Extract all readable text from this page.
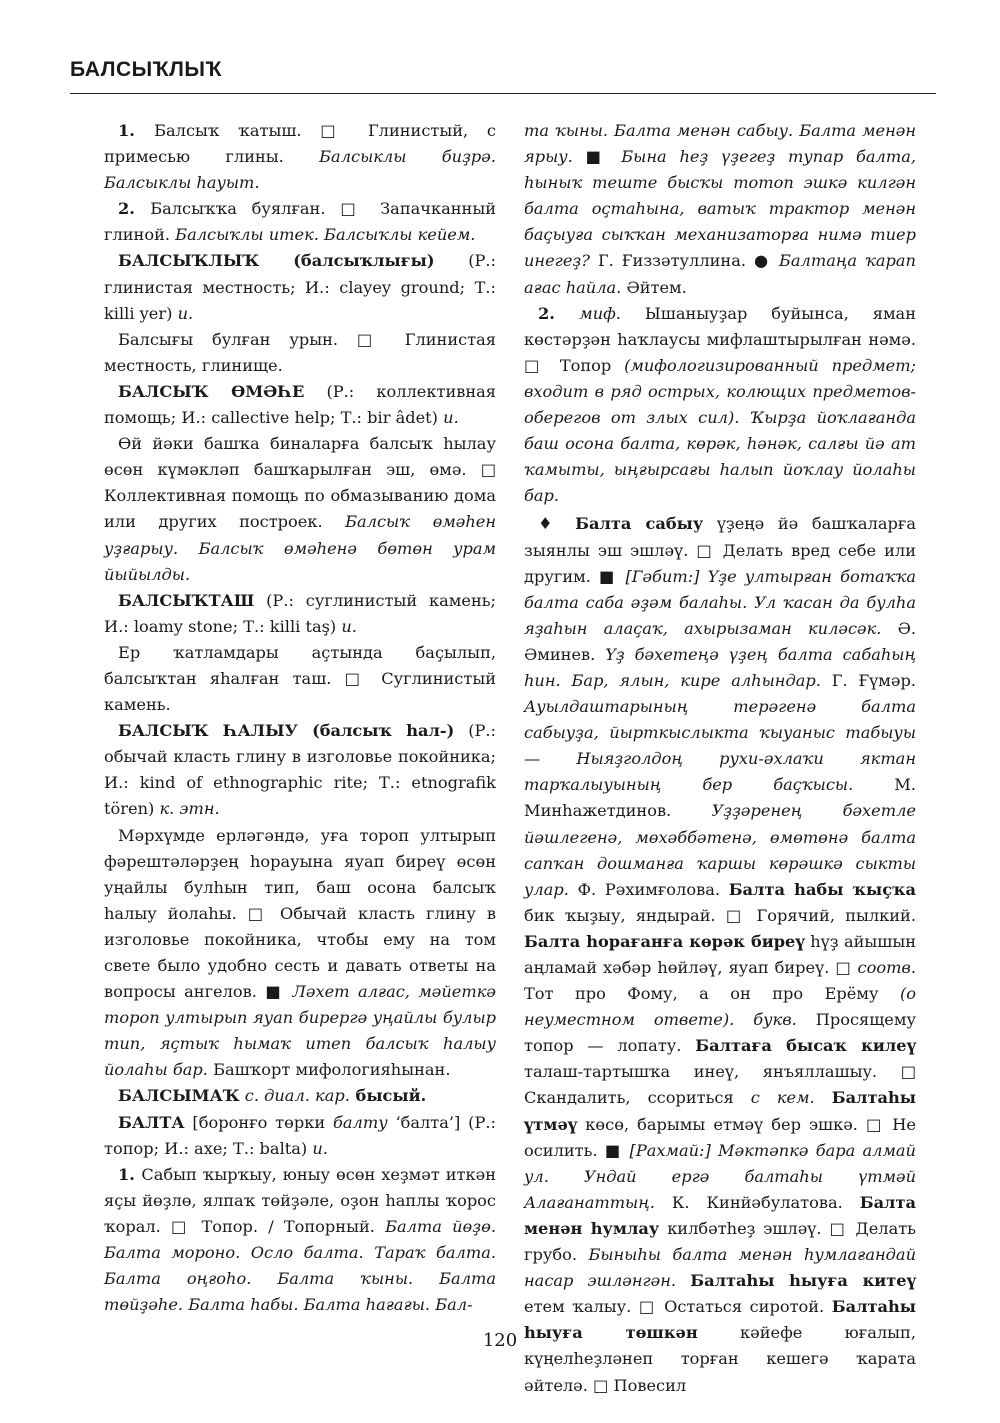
БАЛСЫҠЛЫҠ

1. Балсыҡ ҡатыш. □ Глинистый, с примесью глины. Балсыклы биҙрә. Балсыклы һауыт.

2. Балсыҡҡа буялған. □ Запачканный глиной. Балсыҡлы итек. Балсыҡлы кейем.

БАЛСЫҠЛЫҠ (балсыҡлығы) (Р.: глинистая местность; И.: clayey ground; Т.: killi yer) и.

Балсығы булған урын. □ Глинистая местность, глинище.

БАЛСЫҠ ӨМӘҺЕ (Р.: коллективная помощь; И.: callective help; Т.: bir âdet) и.

Өй йәки башҡа биналарға балсыҡ һылау өсөн күмәкләп башҡарылған эш, өмә. □ Коллективная помощь по обмазыванию дома или других построек. Балсыҡ өмәһен уҙғарыу. Балсыҡ өмәһенә бөтөн урам йыйылды.

БАЛСЫҠТАШ (Р.: суглинистый камень; И.: loamy stone; Т.: killi taş) и.

Ер ҡатламдары аҫтында баҫылып, балсыҡтан яһалған таш. □ Суглинистый камень.

БАЛСЫҠ ҺАЛЫУ (балсыҡ һал-) (Р.: обычай класть глину в изголовье покойника; И.: kind of ethnographic rite; Т.: etnografik tören) к. этн.

Мәрхүмде ерләгәндә, уға тороп ултырып фәрештәләрҙең һорауына яуап биреү өсөн уңайлы булһын тип, баш осона балсыҡ һалыу йолаһы. □ Обычай класть глину в изголовье покойника, чтобы ему на том свете было удобно сесть и давать ответы на вопросы ангелов. ■ Ләхет алғас, мәйеткә тороп ултырып яуап бирергә уңайлы булыр тип, яҫтыҡ һымаҡ итеп балсыҡ һалыу йолаһы бар. Башҡорт мифологияһынан.

БАЛСЫМАҠ с. диал. кар. бысый.

БАЛТА [боронғо төрки балту ‘балта’] (Р.: топор; И.: axe; Т.: balta) и.

1. Сабып ҡырҡыу, юныу өсөн хеҙмәт иткән яҫы йөҙлө, ялпаҡ төйҙәле, оҙон һаплы ҡорос ҡорал. □ Топор. / Топорный. Балта йөҙө. Балта мороно. Осло балта. Тараҡ балта. Балта оңғоһо. Балта ҡыны. Балта төйҙәһе. Балта һабы. Балта һағағы. Бал-

та ҡыны. Балта менән сабыу. Балта менән ярыу. ■ Бына һеҙ үҙегеҙ тупар балта, һыныҡ теште бысҡы тотоп эшкә килгән балта оҫтаһына, ватыҡ трактор менән баҫыуға сыҡҡан механизаторға нимә тиер инегеҙ? Г. Ғиззәтуллина. ● Балтаңа ҡарап ағас һайла. Әйтем.

2. миф. Ышаныуҙар буйынса, яман көстәрҙән һаҡлаусы мифлаштырылған нәмә. □ Топор (мифологизированный предмет; входит в ряд острых, колющих предметов-оберегов от злых сил). Ҡырҙа йоҡлағанда баш осона балта, көрәк, һәнәк, салғы йә ат ҡамыты, ыңғырсағы һалып йоҡлау йолаһы бар.

♦ Балта сабыу үҙеңә йә башҡаларға зыянлы эш эшләү. □ Делать вред себе или другим. ■ [Гәбит:] Үҙе ултырған ботаҡҡа балта саба әҙәм балаһы. Ул ҡасан да булһа яҙаһын алаҫаҡ, ахырызаман киләсәк. Ә. Әминев. Үҙ бәхетеңә үҙең балта сабаһың һин. Бар, ялын, кире алһындар. Г. Ғүмәр. Ауылдаштарының терәгенә балта сабыуҙа, йырткыслыкта ҡыуаныс табыуы — Ныяҙголдоң рухи-әхлаҡи яктан тарҡалыуының бер баҫҡысы. М. Минһажетдинов. Уҙҙәренең бәхетле йәшлегенә, мөхәббәтенә, өмөтөнә балта сапҡан дошманға ҡаршы көрәшкә сыкты улар. Ф. Рәхимғолова. Балта һабы ҡыҫҡа бик ҡыҙыу, яндырай. □ Горячий, пылкий. Балта һорағанға көрәк биреү һүҙ айышын аңламай хәбәр һөйләү, яуап биреү. □ соотв. Тот про Фому, а он про Ерёму (о неуместном ответе). букв. Просящему топор — лопату. Балтаға бысаҡ килеү талаш-тартышҡа инеү, янъяллашыу. □ Скандалить, ссориться с кем. Балтаһы үтмәү көсө, барымы етмәү бер эшкә. □ Не осилить. ■ [Рахмай:] Мәктәпкә бара алмай ул. Ундай ергә балтаһы үтмәй Алағанаттың. К. Кинйәбулатова. Балта менән һумлау килбәтһеҙ эшләү. □ Делать грубо. Быныһы балта менән һумлағандай насар эшләнгән. Балтаһы һыуға китеү етем ҡалыу. □ Остаться сиротой. Балтаһы һыуға төшкән кәйефе юғалып, күңелһеҙләнеп торған кешегә ҡарата әйтелә. □ Повесил

120
